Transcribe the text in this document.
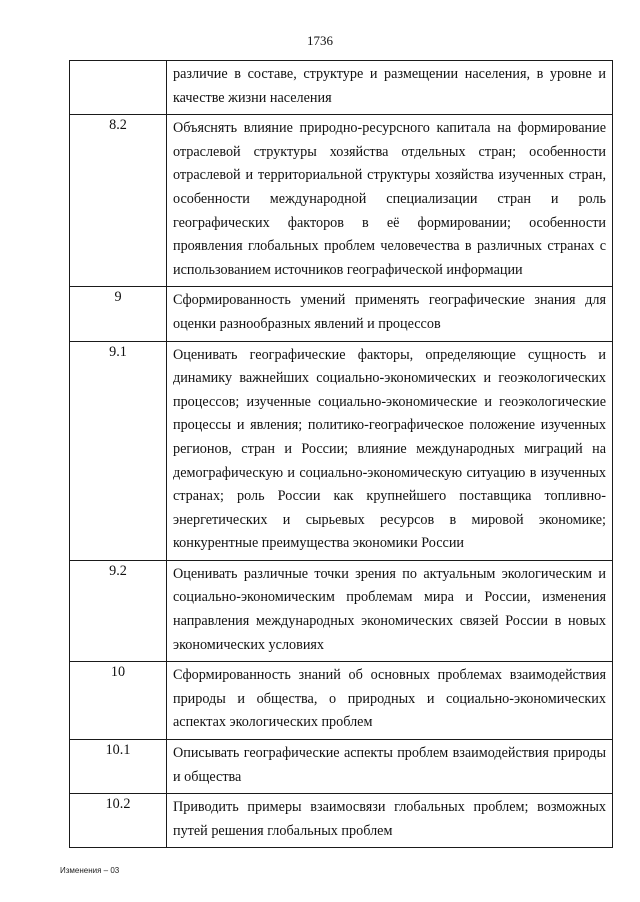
1736
	различие в составе, структуре и размещении населения, в уровне и качестве жизни населения
8.2	Объяснять влияние природно-ресурсного капитала на формирование отраслевой структуры хозяйства отдельных стран; особенности отраслевой и территориальной структуры хозяйства изученных стран, особенности международной специализации стран и роль географических факторов в её формировании; особенности проявления глобальных проблем человечества в различных странах с использованием источников географической информации
9	Сформированность умений применять географические знания для оценки разнообразных явлений и процессов
9.1	Оценивать географические факторы, определяющие сущность и динамику важнейших социально-экономических и геоэкологических процессов; изученные социально-экономические и геоэкологические процессы и явления; политико-географическое положение изученных регионов, стран и России; влияние международных миграций на демографическую и социально-экономическую ситуацию в изученных странах; роль России как крупнейшего поставщика топливно-энергетических и сырьевых ресурсов в мировой экономике; конкурентные преимущества экономики России
9.2	Оценивать различные точки зрения по актуальным экологическим и социально-экономическим проблемам мира и России, изменения направления международных экономических связей России в новых экономических условиях
10	Сформированность знаний об основных проблемах взаимодействия природы и общества, о природных и социально-экономических аспектах экологических проблем
10.1	Описывать географические аспекты проблем взаимодействия природы и общества
10.2	Приводить примеры взаимосвязи глобальных проблем; возможных путей решения глобальных проблем
Изменения – 03
